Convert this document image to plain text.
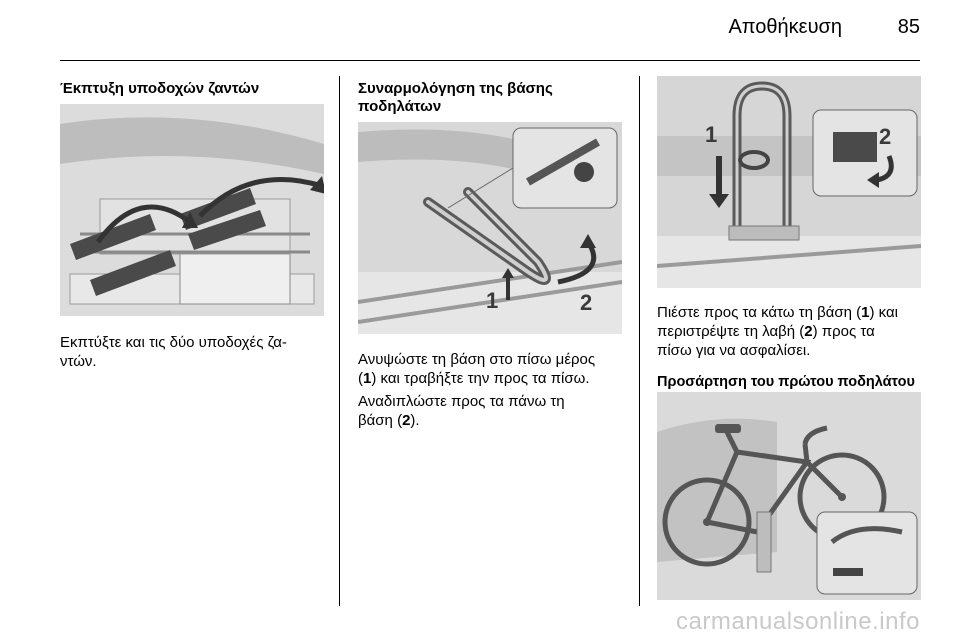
Αποθήκευση	85
Έκπτυξη υποδοχών ζαντών
Εκπτύξτε και τις δύο υποδοχές ζα-
ντών.
Συναρμολόγηση της βάσης
ποδηλάτων
1	2
Ανυψώστε τη βάση στο πίσω μέρος
(1) και τραβήξτε την προς τα πίσω.
Αναδιπλώστε προς τα πάνω τη
βάση (2).
1	2
Πιέστε προς τα κάτω τη βάση (1) και
περιστρέψτε τη λαβή (2) προς τα
πίσω για να ασφαλίσει.
Προσάρτηση του πρώτου ποδηλάτου
carmanualsonline.info
